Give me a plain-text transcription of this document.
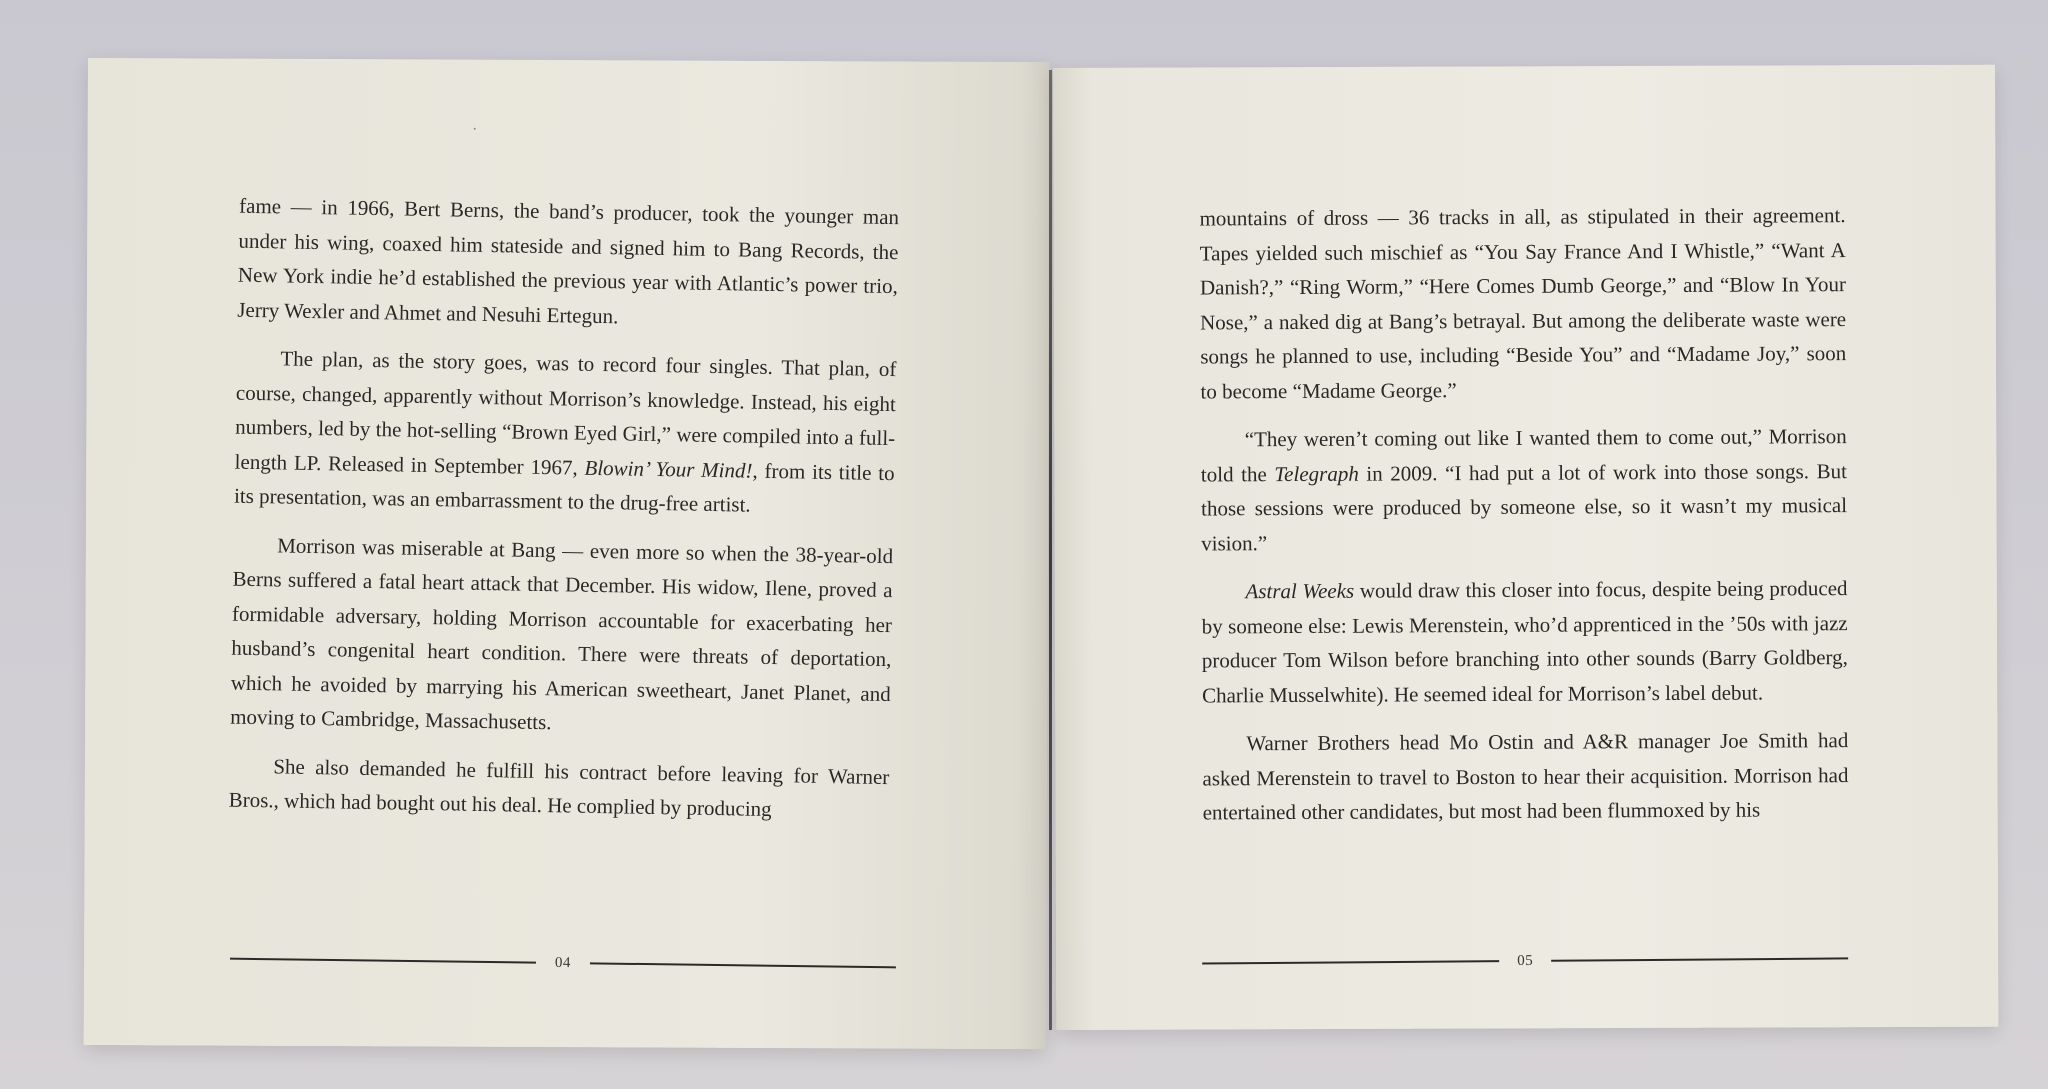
fame — in 1966, Bert Berns, the band’s producer, took the younger man under his wing, coaxed him stateside and signed him to Bang Records, the New York indie he’d established the previous year with Atlantic’s power trio, Jerry Wexler and Ahmet and Nesuhi Ertegun.

The plan, as the story goes, was to record four singles. That plan, of course, changed, apparently without Morrison’s knowledge. Instead, his eight numbers, led by the hot-selling “Brown Eyed Girl,” were compiled into a full-length LP. Released in September 1967, Blowin’ Your Mind!, from its title to its presentation, was an embarrassment to the drug-free artist.

Morrison was miserable at Bang — even more so when the 38-year-old Berns suffered a fatal heart attack that December. His widow, Ilene, proved a formidable adversary, holding Morrison accountable for exacerbating her husband’s congenital heart condition. There were threats of deportation, which he avoided by marrying his American sweetheart, Janet Planet, and moving to Cambridge, Massachusetts.

She also demanded he fulfill his contract before leaving for Warner Bros., which had bought out his deal. He complied by producing

04

mountains of dross — 36 tracks in all, as stipulated in their agreement. Tapes yielded such mischief as “You Say France And I Whistle,” “Want A Danish?,” “Ring Worm,” “Here Comes Dumb George,” and “Blow In Your Nose,” a naked dig at Bang’s betrayal. But among the deliberate waste were songs he planned to use, including “Beside You” and “Madame Joy,” soon to become “Madame George.”

“They weren’t coming out like I wanted them to come out,” Morrison told the Telegraph in 2009. “I had put a lot of work into those songs. But those sessions were produced by someone else, so it wasn’t my musical vision.”

Astral Weeks would draw this closer into focus, despite being produced by someone else: Lewis Merenstein, who’d apprenticed in the ’50s with jazz producer Tom Wilson before branching into other sounds (Barry Goldberg, Charlie Musselwhite). He seemed ideal for Morrison’s label debut.

Warner Brothers head Mo Ostin and A&R manager Joe Smith had asked Merenstein to travel to Boston to hear their acquisition. Morrison had entertained other candidates, but most had been flummoxed by his

05
